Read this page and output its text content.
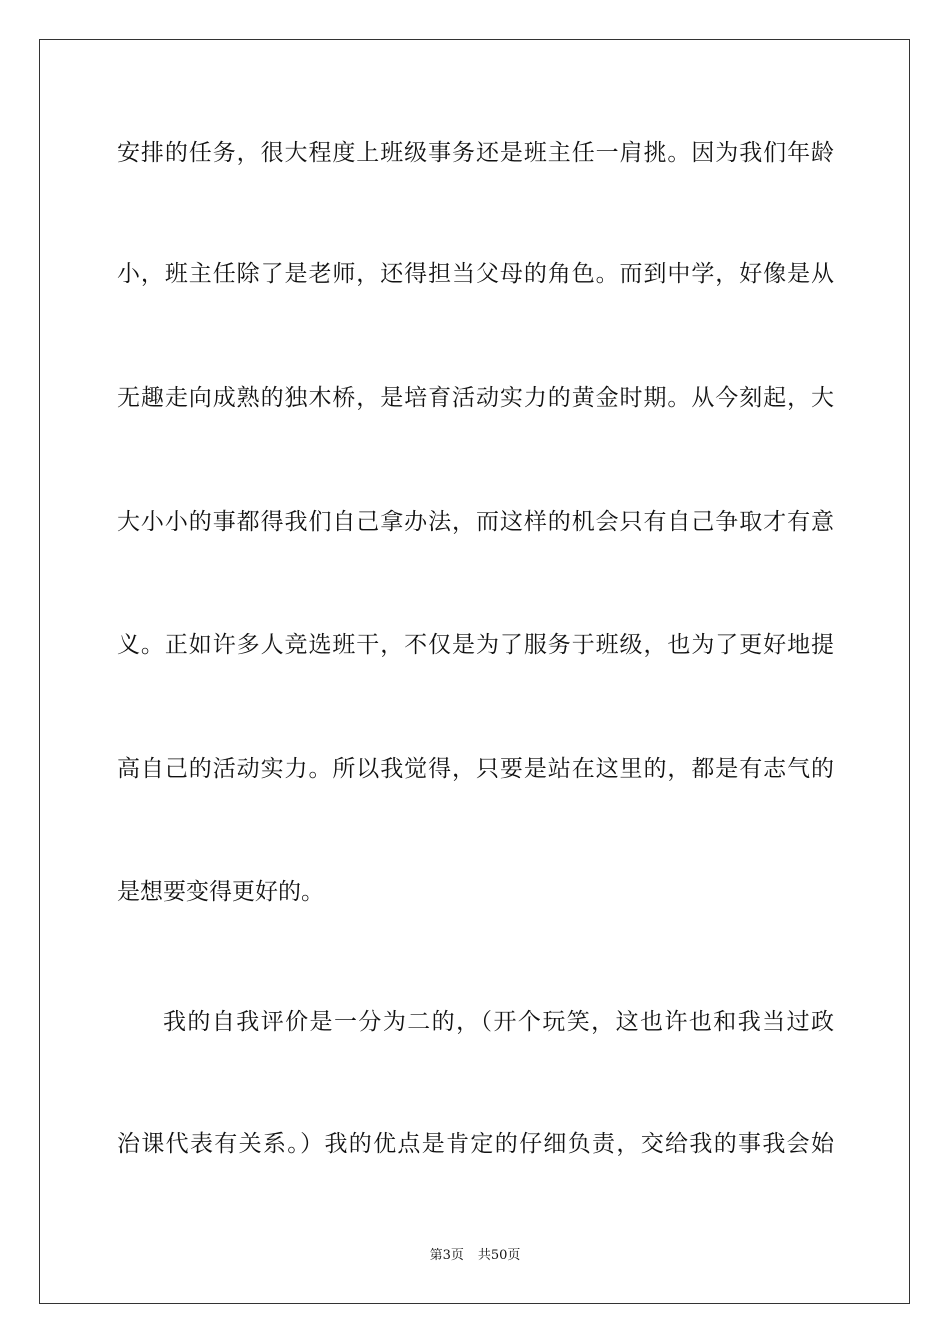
安排的任务，很大程度上班级事务还是班主任一肩挑。因为我们年龄
小，班主任除了是老师，还得担当父母的角色。而到中学，好像是从
无趣走向成熟的独木桥，是培育活动实力的黄金时期。从今刻起，大
大小小的事都得我们自己拿办法，而这样的机会只有自己争取才有意
义。正如许多人竞选班干，不仅是为了服务于班级，也为了更好地提
高自己的活动实力。所以我觉得，只要是站在这里的，都是有志气的
是想要变得更好的。
我的自我评价是一分为二的，（开个玩笑，这也许也和我当过政
治课代表有关系。）我的优点是肯定的仔细负责，交给我的事我会始
第3页 共50页
